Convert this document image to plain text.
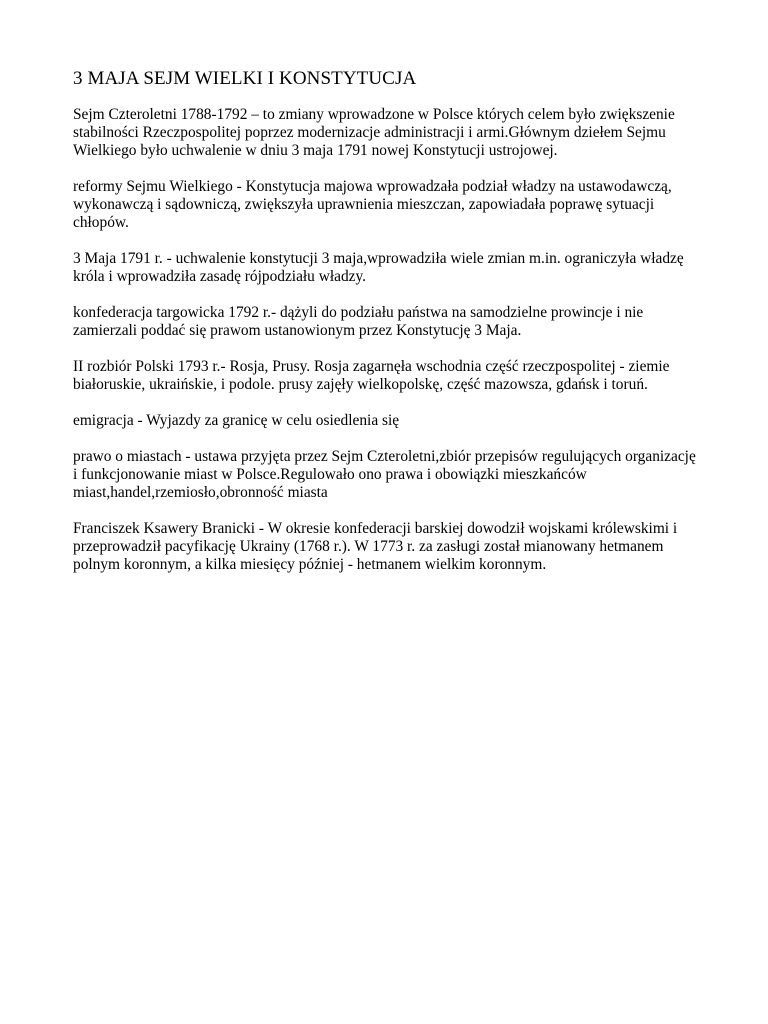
3 MAJA SEJM WIELKI I KONSTYTUCJA

Sejm Czteroletni 1788-1792 – to zmiany wprowadzone w Polsce których celem było zwiększenie stabilności Rzeczpospolitej poprzez modernizacje administracji i armi.Głównym dziełem Sejmu Wielkiego było uchwalenie w dniu 3 maja 1791 nowej Konstytucji ustrojowej.

reformy Sejmu Wielkiego - Konstytucja majowa wprowadzała podział władzy na ustawodawczą, wykonawczą i sądowniczą, zwiększyła uprawnienia mieszczan, zapowiadała poprawę sytuacji chłopów.

3 Maja 1791 r. - uchwalenie konstytucji 3 maja,wprowadziła wiele zmian m.in. ograniczyła władzę króla i wprowadziła zasadę rójpodziału władzy.

konfederacja targowicka 1792 r.- dążyli do podziału państwa na samodzielne prowincje i nie zamierzali poddać się prawom ustanowionym przez Konstytucję 3 Maja.

II rozbiór Polski 1793 r.- Rosja, Prusy. Rosja zagarnęła wschodnia część rzeczpospolitej - ziemie białoruskie, ukraińskie, i podole. prusy zajęły wielkopolskę, część mazowsza, gdańsk i toruń.

emigracja - Wyjazdy za granicę w celu osiedlenia się

prawo o miastach - ustawa przyjęta przez Sejm Czteroletni,zbiór przepisów regulujących organizację i funkcjonowanie miast w Polsce.Regulowało ono prawa i obowiązki mieszkańców miast,handel,rzemiosło,obronność miasta

Franciszek Ksawery Branicki - W okresie konfederacji barskiej dowodził wojskami królewskimi i przeprowadził pacyfikację Ukrainy (1768 r.). W 1773 r. za zasługi został mianowany hetmanem polnym koronnym, a kilka miesięcy później - hetmanem wielkim koronnym.
